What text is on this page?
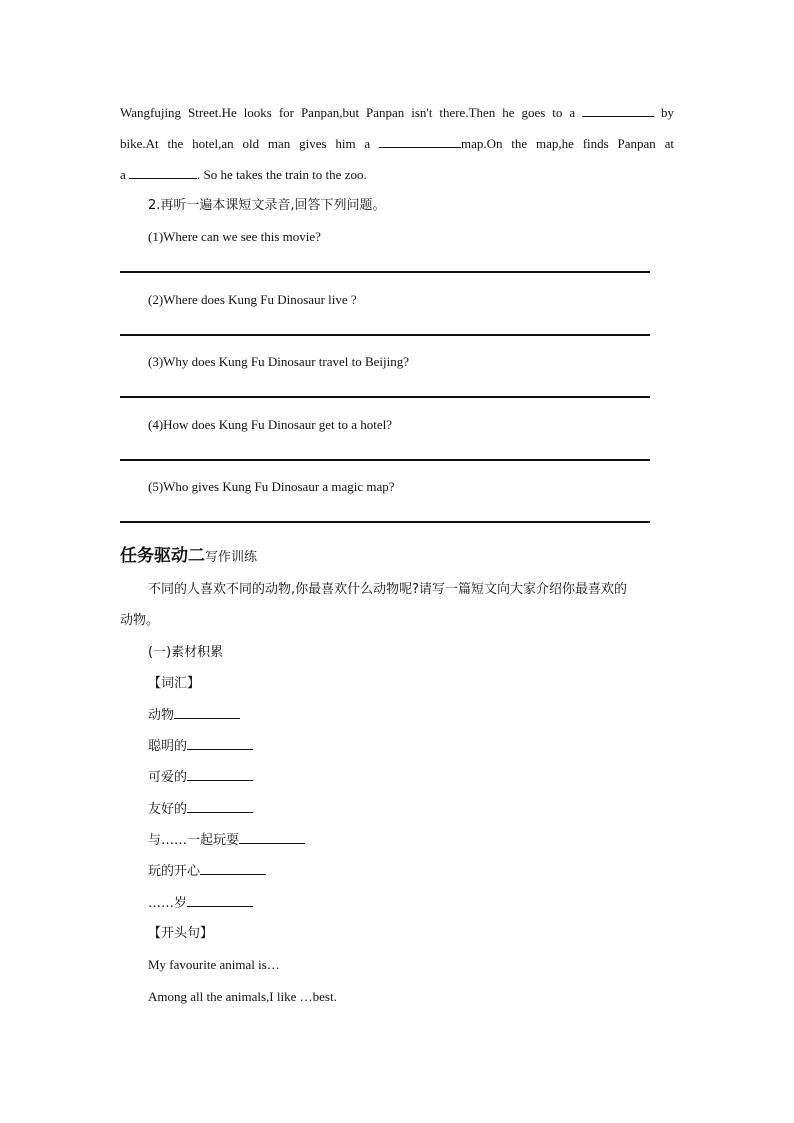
Wangfujing Street.He looks for Panpan,but Panpan isn't there.Then he goes to a	by
bike.At the hotel,an old man gives him a	map.On the map,he finds Panpan at
a	. So he takes the train to the zoo.
2.再听一遍本课短文录音,回答下列问题。
(1)Where can we see this movie?
(2)Where does Kung Fu Dinosaur live ?
(3)Why does Kung Fu Dinosaur travel to Beijing?
(4)How does Kung Fu Dinosaur get to a hotel?
(5)Who gives Kung Fu Dinosaur a magic map?
任务驱动二写作训练
不同的人喜欢不同的动物,你最喜欢什么动物呢?请写一篇短文向大家介绍你最喜欢的
动物。
(一)素材积累
【词汇】
动物
聪明的
可爱的
友好的
与……一起玩耍
玩的开心
……岁
【开头句】
My favourite animal is…
Among all the animals,I like …best.
